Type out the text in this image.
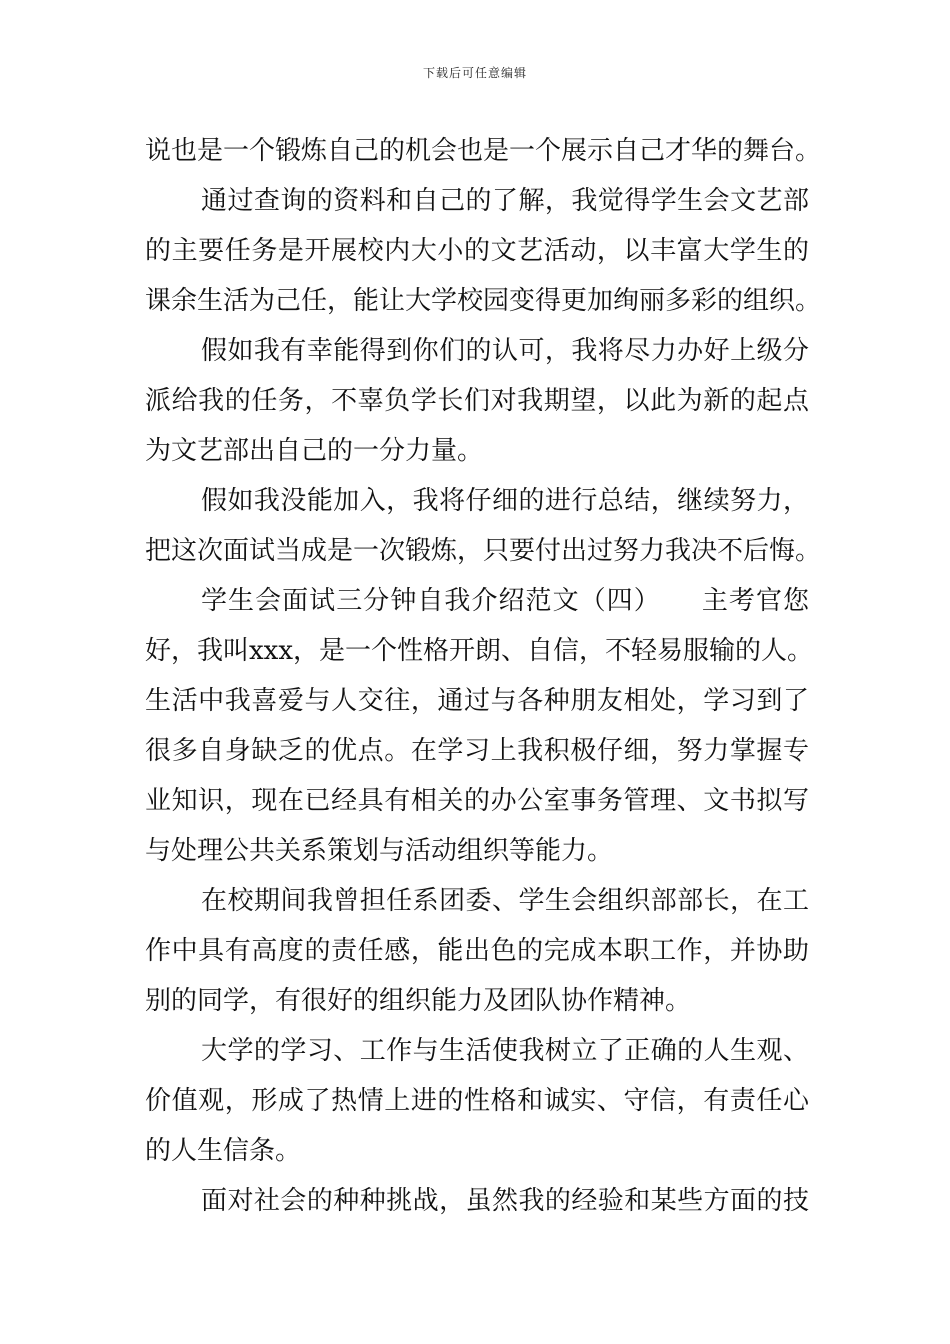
下载后可任意编辑
说也是一个锻炼自己的机会也是一个展示自己才华的舞台。
通过查询的资料和自己的了解，我觉得学生会文艺部
的主要任务是开展校内大小的文艺活动，以丰富大学生的
课余生活为己任，能让大学校园变得更加绚丽多彩的组织。
假如我有幸能得到你们的认可，我将尽力办好上级分
派给我的任务，不辜负学长们对我期望，以此为新的起点
为文艺部出自己的一分力量。
假如我没能加入，我将仔细的进行总结，继续努力，
把这次面试当成是一次锻炼，只要付出过努力我决不后悔。
学生会面试三分钟自我介绍范文（四）　　主考官您
好，我叫xxx，是一个性格开朗、自信，不轻易服输的人。
生活中我喜爱与人交往，通过与各种朋友相处，学习到了
很多自身缺乏的优点。在学习上我积极仔细，努力掌握专
业知识，现在已经具有相关的办公室事务管理、文书拟写
与处理公共关系策划与活动组织等能力。
在校期间我曾担任系团委、学生会组织部部长，在工
作中具有高度的责任感，能出色的完成本职工作，并协助
别的同学，有很好的组织能力及团队协作精神。
大学的学习、工作与生活使我树立了正确的人生观、
价值观，形成了热情上进的性格和诚实、守信，有责任心
的人生信条。
面对社会的种种挑战，虽然我的经验和某些方面的技
